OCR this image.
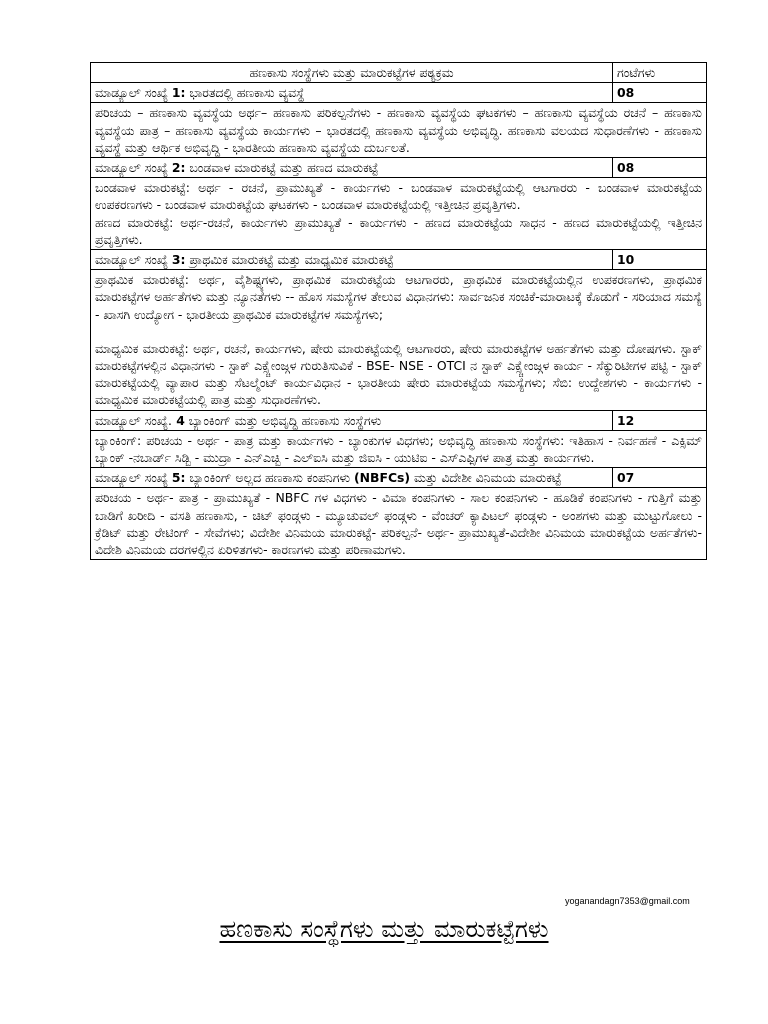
ಹಣಕಾಸು ಸಂಸ್ಥೆಗಳು ಮತ್ತು ಮಾರುಕಟ್ಟೆಗಳ ಪಠ್ಯಕ್ರಮ	ಗಂಟೆಗಳು
ಮಾಡ್ಯೂಲ್ ಸಂಖ್ಯೆ 1: ಭಾರತದಲ್ಲಿ ಹಣಕಾಸು ವ್ಯವಸ್ಥೆ	08

ಪರಿಚಯ – ಹಣಕಾಸು ವ್ಯವಸ್ಥೆಯ ಅರ್ಥ– ಹಣಕಾಸು ಪರಿಕಲ್ಪನೆಗಳು - ಹಣಕಾಸು ವ್ಯವಸ್ಥೆಯ ಘಟಕಗಳು – ಹಣಕಾಸು ವ್ಯವಸ್ಥೆಯ ರಚನೆ – ಹಣಕಾಸು ವ್ಯವಸ್ಥೆಯ ಪಾತ್ರ – ಹಣಕಾಸು ವ್ಯವಸ್ಥೆಯ ಕಾರ್ಯಗಳು – ಭಾರತದಲ್ಲಿ ಹಣಕಾಸು ವ್ಯವಸ್ಥೆಯ ಅಭಿವೃದ್ಧಿ. ಹಣಕಾಸು ವಲಯದ ಸುಧಾರಣೆಗಳು - ಹಣಕಾಸು ವ್ಯವಸ್ಥೆ ಮತ್ತು ಆರ್ಥಿಕ ಅಭಿವೃದ್ಧಿ - ಭಾರತೀಯ ಹಣಕಾಸು ವ್ಯವಸ್ಥೆಯ ದುರ್ಬಲತೆ.	

ಮಾಡ್ಯೂಲ್ ಸಂಖ್ಯೆ 2: ಬಂಡವಾಳ ಮಾರುಕಟ್ಟೆ ಮತ್ತು ಹಣದ ಮಾರುಕಟ್ಟೆ	08

ಬಂಡವಾಳ ಮಾರುಕಟ್ಟೆ: ಅರ್ಥ - ರಚನೆ, ಪ್ರಾಮುಖ್ಯತೆ - ಕಾರ್ಯಗಳು - ಬಂಡವಾಳ ಮಾರುಕಟ್ಟೆಯಲ್ಲಿ ಆಟಗಾರರು - ಬಂಡವಾಳ ಮಾರುಕಟ್ಟೆಯ ಉಪಕರಣಗಳು - ಬಂಡವಾಳ ಮಾರುಕಟ್ಟೆಯ ಘಟಕಗಳು - ಬಂಡವಾಳ ಮಾರುಕಟ್ಟೆಯಲ್ಲಿ ಇತ್ತೀಚಿನ ಪ್ರವೃತ್ತಿಗಳು.

ಹಣದ ಮಾರುಕಟ್ಟೆ: ಅರ್ಥ-ರಚನೆ, ಕಾರ್ಯಗಳು ಪ್ರಾಮುಖ್ಯತೆ - ಕಾರ್ಯಗಳು - ಹಣದ ಮಾರುಕಟ್ಟೆಯ ಸಾಧನ - ಹಣದ ಮಾರುಕಟ್ಟೆಯಲ್ಲಿ ಇತ್ತೀಚಿನ ಪ್ರವೃತ್ತಿಗಳು.	

ಮಾಡ್ಯೂಲ್ ಸಂಖ್ಯೆ 3: ಪ್ರಾಥಮಿಕ ಮಾರುಕಟ್ಟೆ ಮತ್ತು ಮಾಧ್ಯಮಿಕ ಮಾರುಕಟ್ಟೆ	10

ಪ್ರಾಥಮಿಕ ಮಾರುಕಟ್ಟೆ: ಅರ್ಥ, ವೈಶಿಷ್ಟ್ಯಗಳು, ಪ್ರಾಥಮಿಕ ಮಾರುಕಟ್ಟೆಯ ಆಟಗಾರರು, ಪ್ರಾಥಮಿಕ ಮಾರುಕಟ್ಟೆಯಲ್ಲಿನ ಉಪಕರಣಗಳು, ಪ್ರಾಥಮಿಕ ಮಾರುಕಟ್ಟೆಗಳ ಅರ್ಹತೆಗಳು ಮತ್ತು ನ್ಯೂನತೆಗಳು -- ಹೊಸ ಸಮಸ್ಯೆಗಳ ತೇಲುವ ವಿಧಾನಗಳು: ಸಾರ್ವಜನಿಕ ಸಂಚಿಕೆ-ಮಾರಾಟಕ್ಕೆ ಕೊಡುಗೆ - ಸರಿಯಾದ ಸಮಸ್ಯೆ - ಖಾಸಗಿ ಉದ್ಯೋಗ - ಭಾರತೀಯ ಪ್ರಾಥಮಿಕ ಮಾರುಕಟ್ಟೆಗಳ ಸಮಸ್ಯೆಗಳು;

ಮಾಧ್ಯಮಿಕ ಮಾರುಕಟ್ಟೆ: ಅರ್ಥ, ರಚನೆ, ಕಾರ್ಯಗಳು, ಷೇರು ಮಾರುಕಟ್ಟೆಯಲ್ಲಿ ಆಟಗಾರರು, ಷೇರು ಮಾರುಕಟ್ಟೆಗಳ ಅರ್ಹತೆಗಳು ಮತ್ತು ದೋಷಗಳು. ಸ್ಟಾಕ್ ಮಾರುಕಟ್ಟೆಗಳಲ್ಲಿನ ವಿಧಾನಗಳು - ಸ್ಟಾಕ್ ಎಕ್ಸ್ಚೇಂಜ್ಗಳ ಗುರುತಿಸುವಿಕೆ - BSE- NSE - OTCI ನ ಸ್ಟಾಕ್ ಎಕ್ಸ್ಚೇಂಜ್ಗಳ ಕಾರ್ಯ - ಸೆಕ್ಯುರಿಟೀಗಳ ಪಟ್ಟಿ - ಸ್ಟಾಕ್ ಮಾರುಕಟ್ಟೆಯಲ್ಲಿ ವ್ಯಾಪಾರ ಮತ್ತು ಸೆಟಲ್ಮೆಂಟ್ ಕಾರ್ಯವಿಧಾನ - ಭಾರತೀಯ ಷೇರು ಮಾರುಕಟ್ಟೆಯ ಸಮಸ್ಯೆಗಳು; ಸೆಬಿ: ಉದ್ದೇಶಗಳು - ಕಾರ್ಯಗಳು - ಮಾಧ್ಯಮಿಕ ಮಾರುಕಟ್ಟೆಯಲ್ಲಿ ಪಾತ್ರ ಮತ್ತು ಸುಧಾರಣೆಗಳು.	

ಮಾಡ್ಯೂಲ್ ಸಂಖ್ಯೆ. 4 ಬ್ಯಾಂಕಿಂಗ್ ಮತ್ತು ಅಭಿವೃದ್ಧಿ ಹಣಕಾಸು ಸಂಸ್ಥೆಗಳು	12

ಬ್ಯಾಂಕಿಂಗ್: ಪರಿಚಯ - ಅರ್ಥ - ಪಾತ್ರ ಮತ್ತು ಕಾರ್ಯಗಳು - ಬ್ಯಾಂಕುಗಳ ವಿಧಗಳು; ಅಭಿವೃದ್ಧಿ ಹಣಕಾಸು ಸಂಸ್ಥೆಗಳು: ಇತಿಹಾಸ - ನಿರ್ವಹಣೆ - ಎಕ್ಸಿಮ್ ಬ್ಯಾಂಕ್ -ನಬಾರ್ಡ್ ಸಿಡ್ಬಿ - ಮುದ್ರಾ - ಎನ್ಎಚ್ಬಿ - ಎಲ್ಐಸಿ ಮತ್ತು ಜಿಐಸಿ - ಯುಟಿಐ - ಎಸ್ಎಫ್ಸಿಗಳ ಪಾತ್ರ ಮತ್ತು ಕಾರ್ಯಗಳು.	

ಮಾಡ್ಯೂಲ್ ಸಂಖ್ಯೆ 5: ಬ್ಯಾಂಕಿಂಗ್ ಅಲ್ಲದ ಹಣಕಾಸು ಕಂಪನಿಗಳು (NBFCs) ಮತ್ತು ವಿದೇಶೀ ವಿನಿಮಯ ಮಾರುಕಟ್ಟೆ	07

ಪರಿಚಯ - ಅರ್ಥ- ಪಾತ್ರ - ಪ್ರಾಮುಖ್ಯತೆ - NBFC ಗಳ ವಿಧಗಳು - ವಿಮಾ ಕಂಪನಿಗಳು - ಸಾಲ ಕಂಪನಿಗಳು - ಹೂಡಿಕೆ ಕಂಪನಿಗಳು - ಗುತ್ತಿಗೆ ಮತ್ತು ಬಾಡಿಗೆ ಖರೀದಿ - ವಸತಿ ಹಣಕಾಸು, - ಚಿಟ್ ಫಂಡ್ಗಳು - ಮ್ಯೂಚುವಲ್ ಫಂಡ್ಗಳು - ವೆಂಚರ್ ಕ್ಯಾಪಿಟಲ್ ಫಂಡ್ಗಳು - ಅಂಶಗಳು ಮತ್ತು ಮುಟ್ಟುಗೋಲು - ಕ್ರೆಡಿಟ್ ಮತ್ತು ರೇಟಿಂಗ್ - ಸೇವೆಗಳು; ವಿದೇಶೀ ವಿನಿಮಯ ಮಾರುಕಟ್ಟೆ- ಪರಿಕಲ್ಪನೆ- ಅರ್ಥ- ಪ್ರಾಮುಖ್ಯತೆ-ವಿದೇಶೀ ವಿನಿಮಯ ಮಾರುಕಟ್ಟೆಯ ಅರ್ಹತೆಗಳು- ವಿದೇಶಿ ವಿನಿಮಯ ದರಗಳಲ್ಲಿನ ಏರಿಳಿತಗಳು- ಕಾರಣಗಳು ಮತ್ತು ಪರಿಣಾಮಗಳು.	

yoganandagn7353@gmail.com
ಹಣಕಾಸು ಸಂಸ್ಥೆಗಳು ಮತ್ತು ಮಾರುಕಟ್ಟೆಗಳು
